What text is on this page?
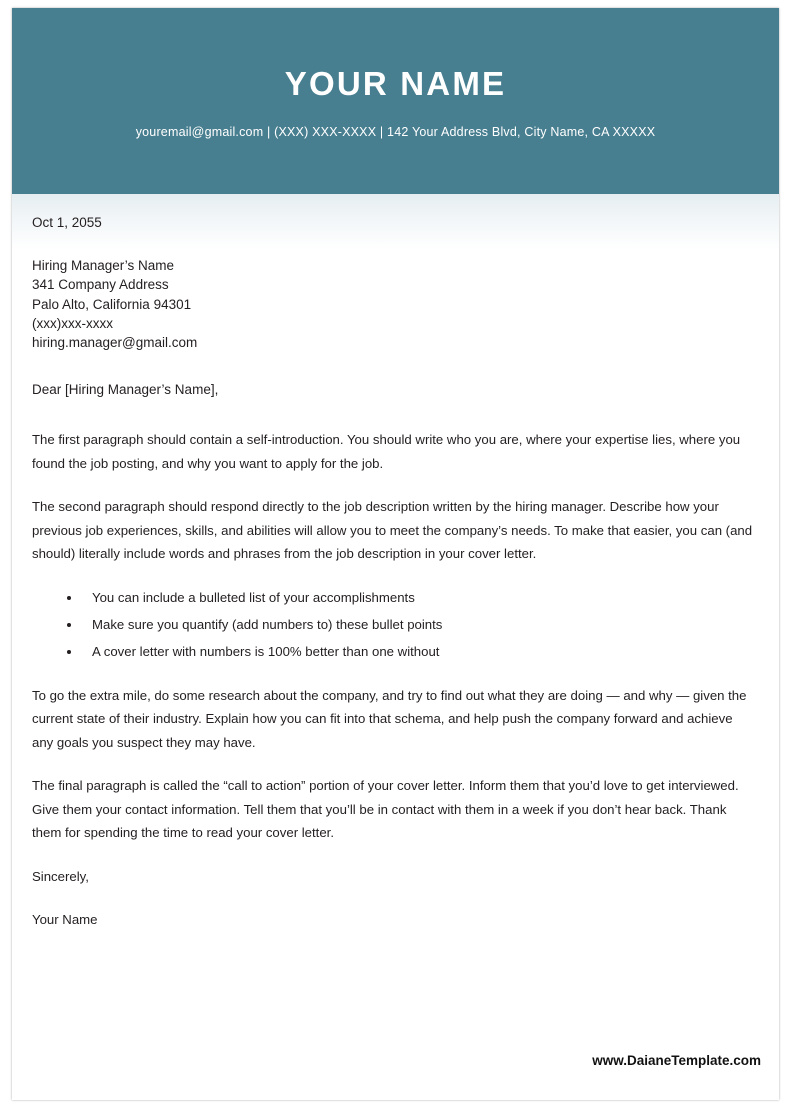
YOUR NAME
youremail@gmail.com | (XXX) XXX-XXXX | 142 Your Address Blvd, City Name, CA XXXXX
Oct 1, 2055
Hiring Manager’s Name
341 Company Address
Palo Alto, California 94301
(xxx)xxx-xxxx
hiring.manager@gmail.com
Dear [Hiring Manager’s Name],

The first paragraph should contain a self-introduction. You should write who you are, where your expertise lies, where you found the job posting, and why you want to apply for the job.

The second paragraph should respond directly to the job description written by the hiring manager. Describe how your previous job experiences, skills, and abilities will allow you to meet the company’s needs. To make that easier, you can (and should) literally include words and phrases from the job description in your cover letter.

• You can include a bulleted list of your accomplishments
• Make sure you quantify (add numbers to) these bullet points
• A cover letter with numbers is 100% better than one without

To go the extra mile, do some research about the company, and try to find out what they are doing — and why — given the current state of their industry. Explain how you can fit into that schema, and help push the company forward and achieve any goals you suspect they may have.

The final paragraph is called the “call to action” portion of your cover letter. Inform them that you’d love to get interviewed. Give them your contact information. Tell them that you’ll be in contact with them in a week if you don’t hear back. Thank them for spending the time to read your cover letter.

Sincerely,

Your Name

www.DaianeTemplate.com
